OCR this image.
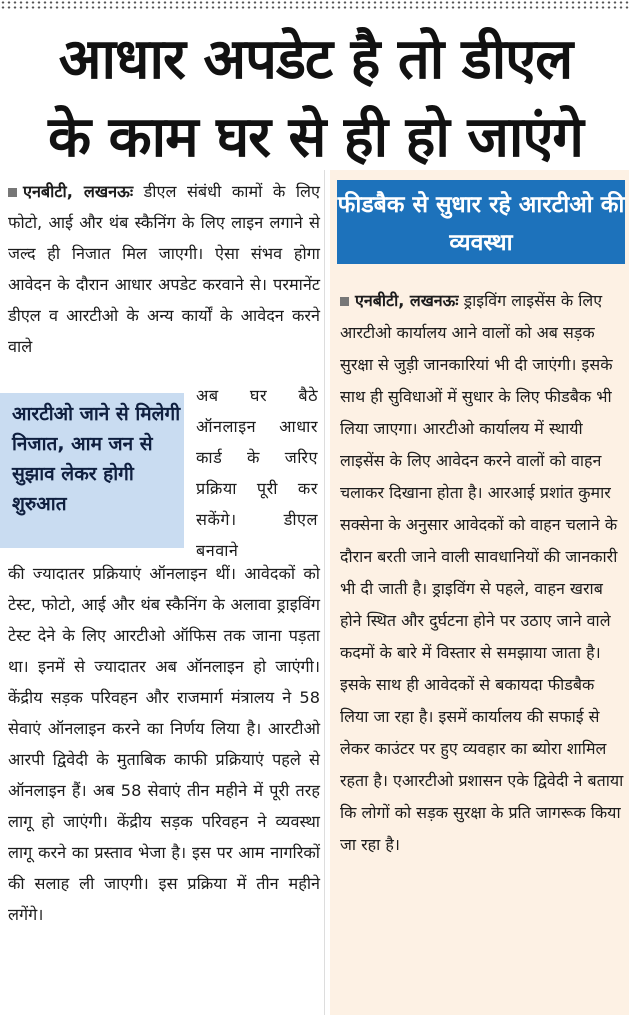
आधार अपडेट है तो डीएल
के काम घर से ही हो जाएंगे

एनबीटी, लखनऊः डीएल संबंधी कामों के लिए फोटो, आई और थंब स्कैनिंग के लिए लाइन लगाने से जल्द ही निजात मिल जाएगी। ऐसा संभव होगा आवेदन के दौरान आधार अपडेट करवाने से। परमानेंट डीएल व आरटीओ के अन्य कार्यों के आवेदन करने वाले

आरटीओ जाने से मिलेगी निजात, आम जन से सुझाव लेकर होगी शुरुआत

अब घर बैठे ऑनलाइन आधार कार्ड के जरिए प्रक्रिया पूरी कर सकेंगे। डीएल बनवाने

की ज्यादातर प्रक्रियाएं ऑनलाइन थीं। आवेदकों को टेस्ट, फोटो, आई और थंब स्कैनिंग के अलावा ड्राइविंग टेस्ट देने के लिए आरटीओ ऑफिस तक जाना पड़ता था। इनमें से ज्यादातर अब ऑनलाइन हो जाएंगी। केंद्रीय सड़क परिवहन और राजमार्ग मंत्रालय ने 58 सेवाएं ऑनलाइन करने का निर्णय लिया है। आरटीओ आरपी द्विवेदी के मुताबिक काफी प्रक्रियाएं पहले से ऑनलाइन हैं। अब 58 सेवाएं तीन महीने में पूरी तरह लागू हो जाएंगी। केंद्रीय सड़क परिवहन ने व्यवस्था लागू करने का प्रस्ताव भेजा है। इस पर आम नागरिकों की सलाह ली जाएगी। इस प्रक्रिया में तीन महीने लगेंगे।

फीडबैक से सुधार रहे आरटीओ की व्यवस्था

एनबीटी, लखनऊः ड्राइविंग लाइसेंस के लिए आरटीओ कार्यालय आने वालों को अब सड़क सुरक्षा से जुड़ी जानकारियां भी दी जाएंगी। इसके साथ ही सुविधाओं में सुधार के लिए फीडबैक भी लिया जाएगा। आरटीओ कार्यालय में स्थायी लाइसेंस के लिए आवेदन करने वालों को वाहन चलाकर दिखाना होता है। आरआई प्रशांत कुमार सक्सेना के अनुसार आवेदकों को वाहन चलाने के दौरान बरती जाने वाली सावधानियों की जानकारी भी दी जाती है। ड्राइविंग से पहले, वाहन खराब होने स्थित और दुर्घटना होने पर उठाए जाने वाले कदमों के बारे में विस्तार से समझाया जाता है। इसके साथ ही आवेदकों से बकायदा फीडबैक लिया जा रहा है। इसमें कार्यालय की सफाई से लेकर काउंटर पर हुए व्यवहार का ब्योरा शामिल रहता है। एआरटीओ प्रशासन एके द्विवेदी ने बताया कि लोगों को सड़क सुरक्षा के प्रति जागरूक किया जा रहा है।
